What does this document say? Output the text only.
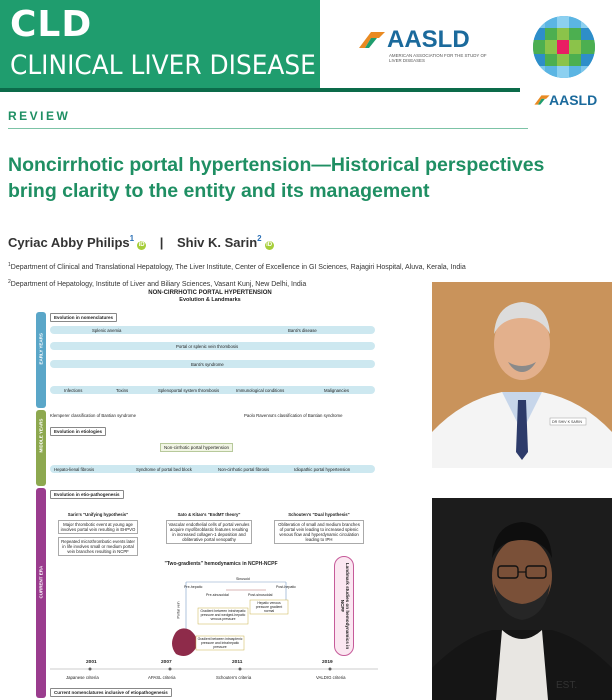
CLD
CLINICAL LIVER DISEASE
AASLD
AMERICAN ASSOCIATION FOR THE STUDY OF LIVER DISEASES
AASLD
REVIEW
Noncirrhotic portal hypertension—Historical perspectives bring clarity to the entity and its management
Cyriac Abby Philips$^1$iD | Shiv K. Sarin$^2$iD
$^1$Department of Clinical and Translational Hepatology, The Liver Institute, Center of Excellence in GI Sciences, Rajagiri Hospital, Aluva, Kerala, India
$^2$Department of Hepatology, Institute of Liver and Biliary Sciences, Vasant Kunj, New Delhi, India
NON-CIRRHOTIC PORTAL HYPERTENSION
Evolution & Landmarks
Evolution in nomenclatures
Splenic anemia	Banti's disease
Portal or splenic vein thrombosis
Banti's syndrome
Infections	Toxins	Splenoportal system thrombosis	Immunological conditions	Malignancies
Klemperer classification of Bantian syndrome	Paolo Ravenna's classification of Bantian syndrome
Evolution in etiologies
Non-cirrhotic portal hypertension
Hepato-lienal fibrosis	Syndrome of portal bed block	Non-cirrhotic portal fibrosis	Idiopathic portal hypertension
Evolution in etio-pathogenesis
Sarin's "Unifying hypothesis"
Major thrombotic event at young age involves portal vein resulting in EHPVO
Repeated microthrombotic events later in life involves small or medium portal vein branches resulting in NCPF
Sato & Kitao's "EndMT theory"
Vascular endothelial cells of portal venules acquire myofibroblastic features resulting in increased collagen-1 deposition and obliterative portal venopathy
Schouten's "Dual hypothesis"
Obliteration of small and medium branches of portal vein leading to increased splenic venous flow and hyperdynamic circulation leading to IPH
"Two-gradients" hemodynamics in NCPH-NCPF
Sinusoid
Pre-hepatic	Post-hepatic
Pre-sinusoidal	Post-sinusoidal
Portal vein	Gradient between intrahepatic pressure and wedged-hepatic venous pressure
Hepatic venous pressure gradient normal
Gradient between intrasplenic pressure and intrahepatic pressure	Landmark studies on hemodynamics in NCPF
2001	2007	2011	2019
Japanese criteria	APASL criteria	Schouten's criteria	VALDIG criteria
Current nomenclatures inclusive of etiopathogenesis
DR SHIV K SARIN
EST.
